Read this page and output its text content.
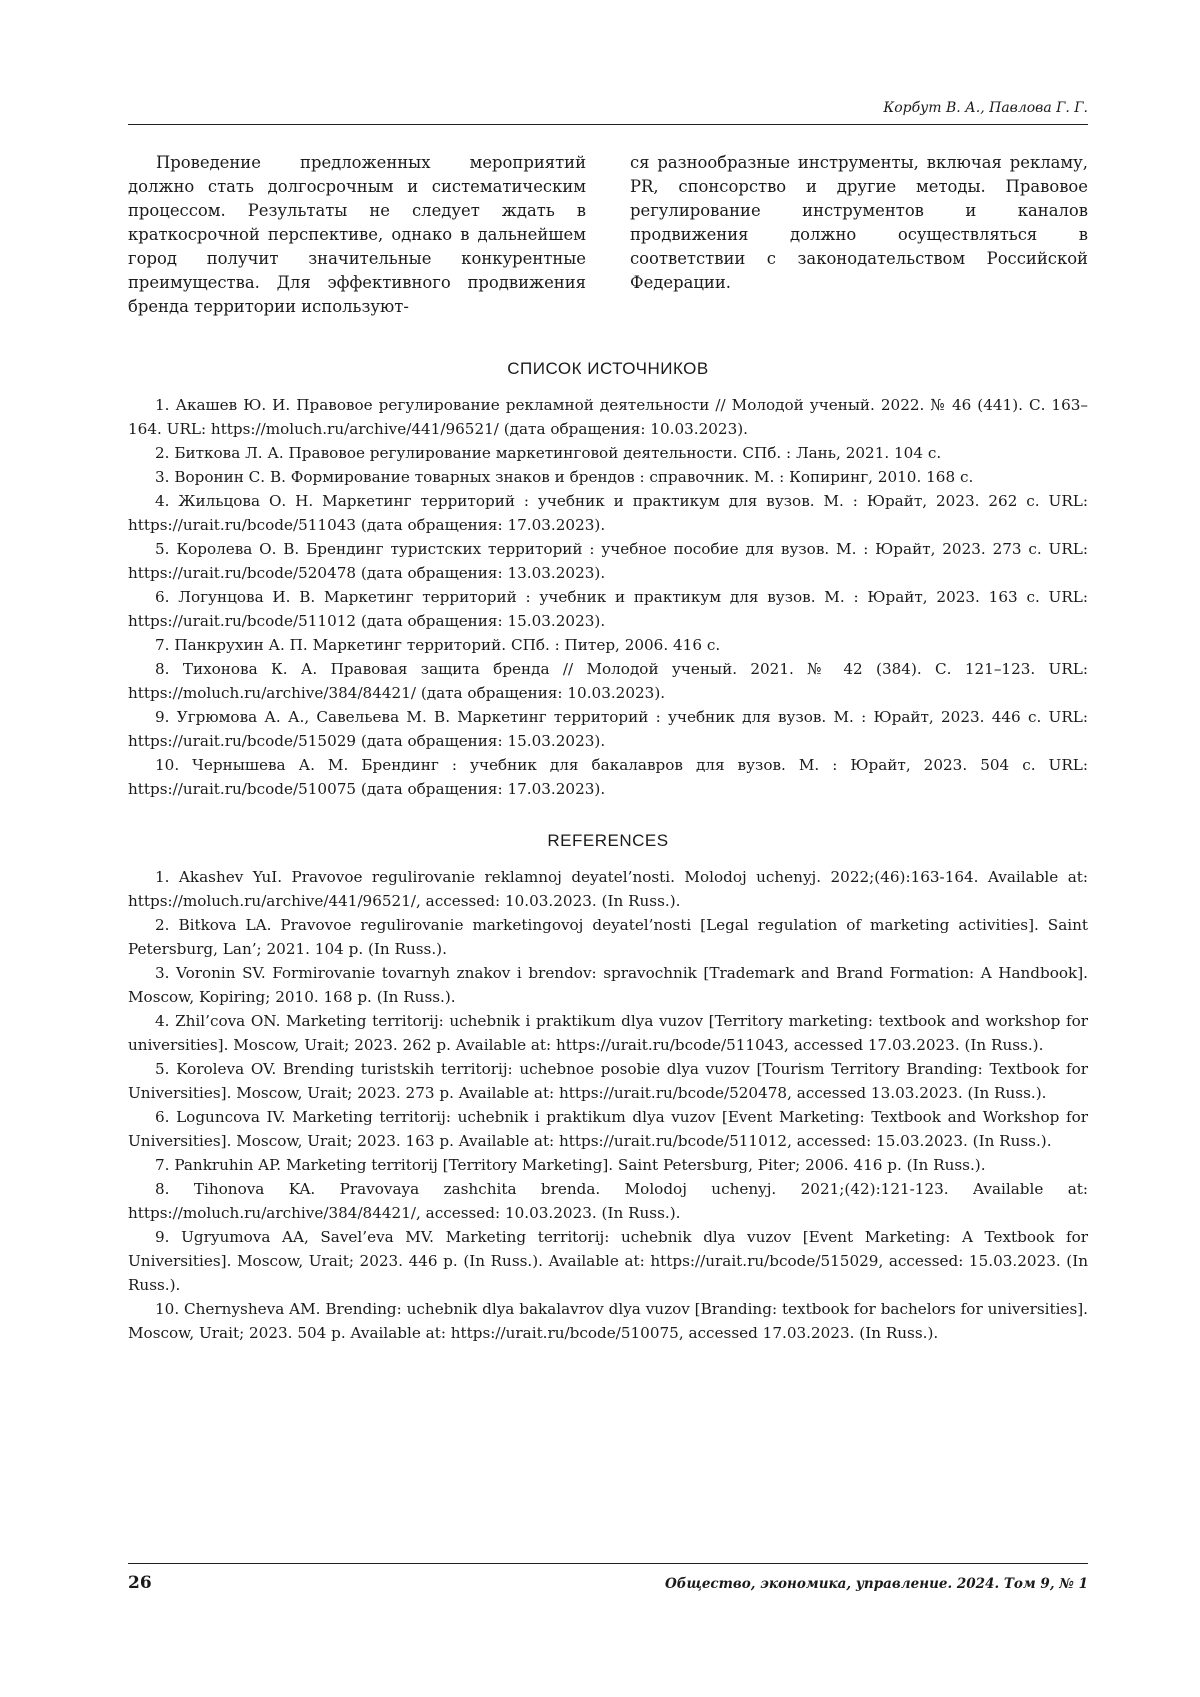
Корбут В. А., Павлова Г. Г.

Проведение предложенных мероприятий должно стать долгосрочным и систематическим процессом. Результаты не следует ждать в краткосрочной перспективе, однако в дальнейшем город получит значительные конкурентные преимущества. Для эффективного продвижения бренда территории используют-

ся разнообразные инструменты, включая рекламу, PR, спонсорство и другие методы. Правовое регулирование инструментов и каналов продвижения должно осуществляться в соответствии с законодательством Российской Федерации.

СПИСОК ИСТОЧНИКОВ
1. Акашев Ю. И. Правовое регулирование рекламной деятельности // Молодой ученый. 2022. № 46 (441). С. 163–164. URL: https://moluch.ru/archive/441/96521/ (дата обращения: 10.03.2023).
2. Биткова Л. А. Правовое регулирование маркетинговой деятельности. СПб. : Лань, 2021. 104 с.
3. Воронин С. В. Формирование товарных знаков и брендов : справочник. М. : Копиринг, 2010. 168 с.
4. Жильцова О. Н. Маркетинг территорий : учебник и практикум для вузов. М. : Юрайт, 2023. 262 с. URL: https://urait.ru/bcode/511043 (дата обращения: 17.03.2023).
5. Королева О. В. Брендинг туристских территорий : учебное пособие для вузов. М. : Юрайт, 2023. 273 с. URL: https://urait.ru/bcode/520478 (дата обращения: 13.03.2023).
6. Логунцова И. В. Маркетинг территорий : учебник и практикум для вузов. М. : Юрайт, 2023. 163 с. URL: https://urait.ru/bcode/511012 (дата обращения: 15.03.2023).
7. Панкрухин А. П. Маркетинг территорий. СПб. : Питер, 2006. 416 с.
8. Тихонова К. А. Правовая защита бренда // Молодой ученый. 2021. № 42 (384). С. 121–123. URL: https://moluch.ru/archive/384/84421/ (дата обращения: 10.03.2023).
9. Угрюмова А. А., Савельева М. В. Маркетинг территорий : учебник для вузов. М. : Юрайт, 2023. 446 с. URL: https://urait.ru/bcode/515029 (дата обращения: 15.03.2023).
10. Чернышева А. М. Брендинг : учебник для бакалавров для вузов. М. : Юрайт, 2023. 504 с. URL: https://urait.ru/bcode/510075 (дата обращения: 17.03.2023).
REFERENCES
1. Akashev YuI. Pravovoe regulirovanie reklamnoj deyatel’nosti. Molodoj uchenyj. 2022;(46):163-164. Available at: https://moluch.ru/archive/441/96521/, accessed: 10.03.2023. (In Russ.).
2. Bitkova LA. Pravovoe regulirovanie marketingovoj deyatel’nosti [Legal regulation of marketing activities]. Saint Petersburg, Lan’; 2021. 104 p. (In Russ.).
3. Voronin SV. Formirovanie tovarnyh znakov i brendov: spravochnik [Trademark and Brand Formation: A Handbook]. Moscow, Kopiring; 2010. 168 p. (In Russ.).
4. Zhil’cova ON. Marketing territorij: uchebnik i praktikum dlya vuzov [Territory marketing: textbook and workshop for universities]. Moscow, Urait; 2023. 262 p. Available at: https://urait.ru/bcode/511043, accessed 17.03.2023. (In Russ.).
5. Koroleva OV. Brending turistskih territorij: uchebnoe posobie dlya vuzov [Tourism Territory Branding: Textbook for Universities]. Moscow, Urait; 2023. 273 p. Available at: https://urait.ru/bcode/520478, accessed 13.03.2023. (In Russ.).
6. Loguncova IV. Marketing territorij: uchebnik i praktikum dlya vuzov [Event Marketing: Textbook and Workshop for Universities]. Moscow, Urait; 2023. 163 p. Available at: https://urait.ru/bcode/511012, accessed: 15.03.2023. (In Russ.).
7. Pankruhin AP. Marketing territorij [Territory Marketing]. Saint Petersburg, Piter; 2006. 416 p. (In Russ.).
8. Tihonova KA. Pravovaya zashchita brenda. Molodoj uchenyj. 2021;(42):121-123. Available at: https://moluch.ru/archive/384/84421/, accessed: 10.03.2023. (In Russ.).
9. Ugryumova AA, Savel’eva MV. Marketing territorij: uchebnik dlya vuzov [Event Marketing: A Textbook for Universities]. Moscow, Urait; 2023. 446 p. (In Russ.). Available at: https://urait.ru/bcode/515029, accessed: 15.03.2023. (In Russ.).
10. Chernysheva AM. Brending: uchebnik dlya bakalavrov dlya vuzov [Branding: textbook for bachelors for universities]. Moscow, Urait; 2023. 504 p. Available at: https://urait.ru/bcode/510075, accessed 17.03.2023. (In Russ.).
26	Общество, экономика, управление. 2024. Том 9, № 1
